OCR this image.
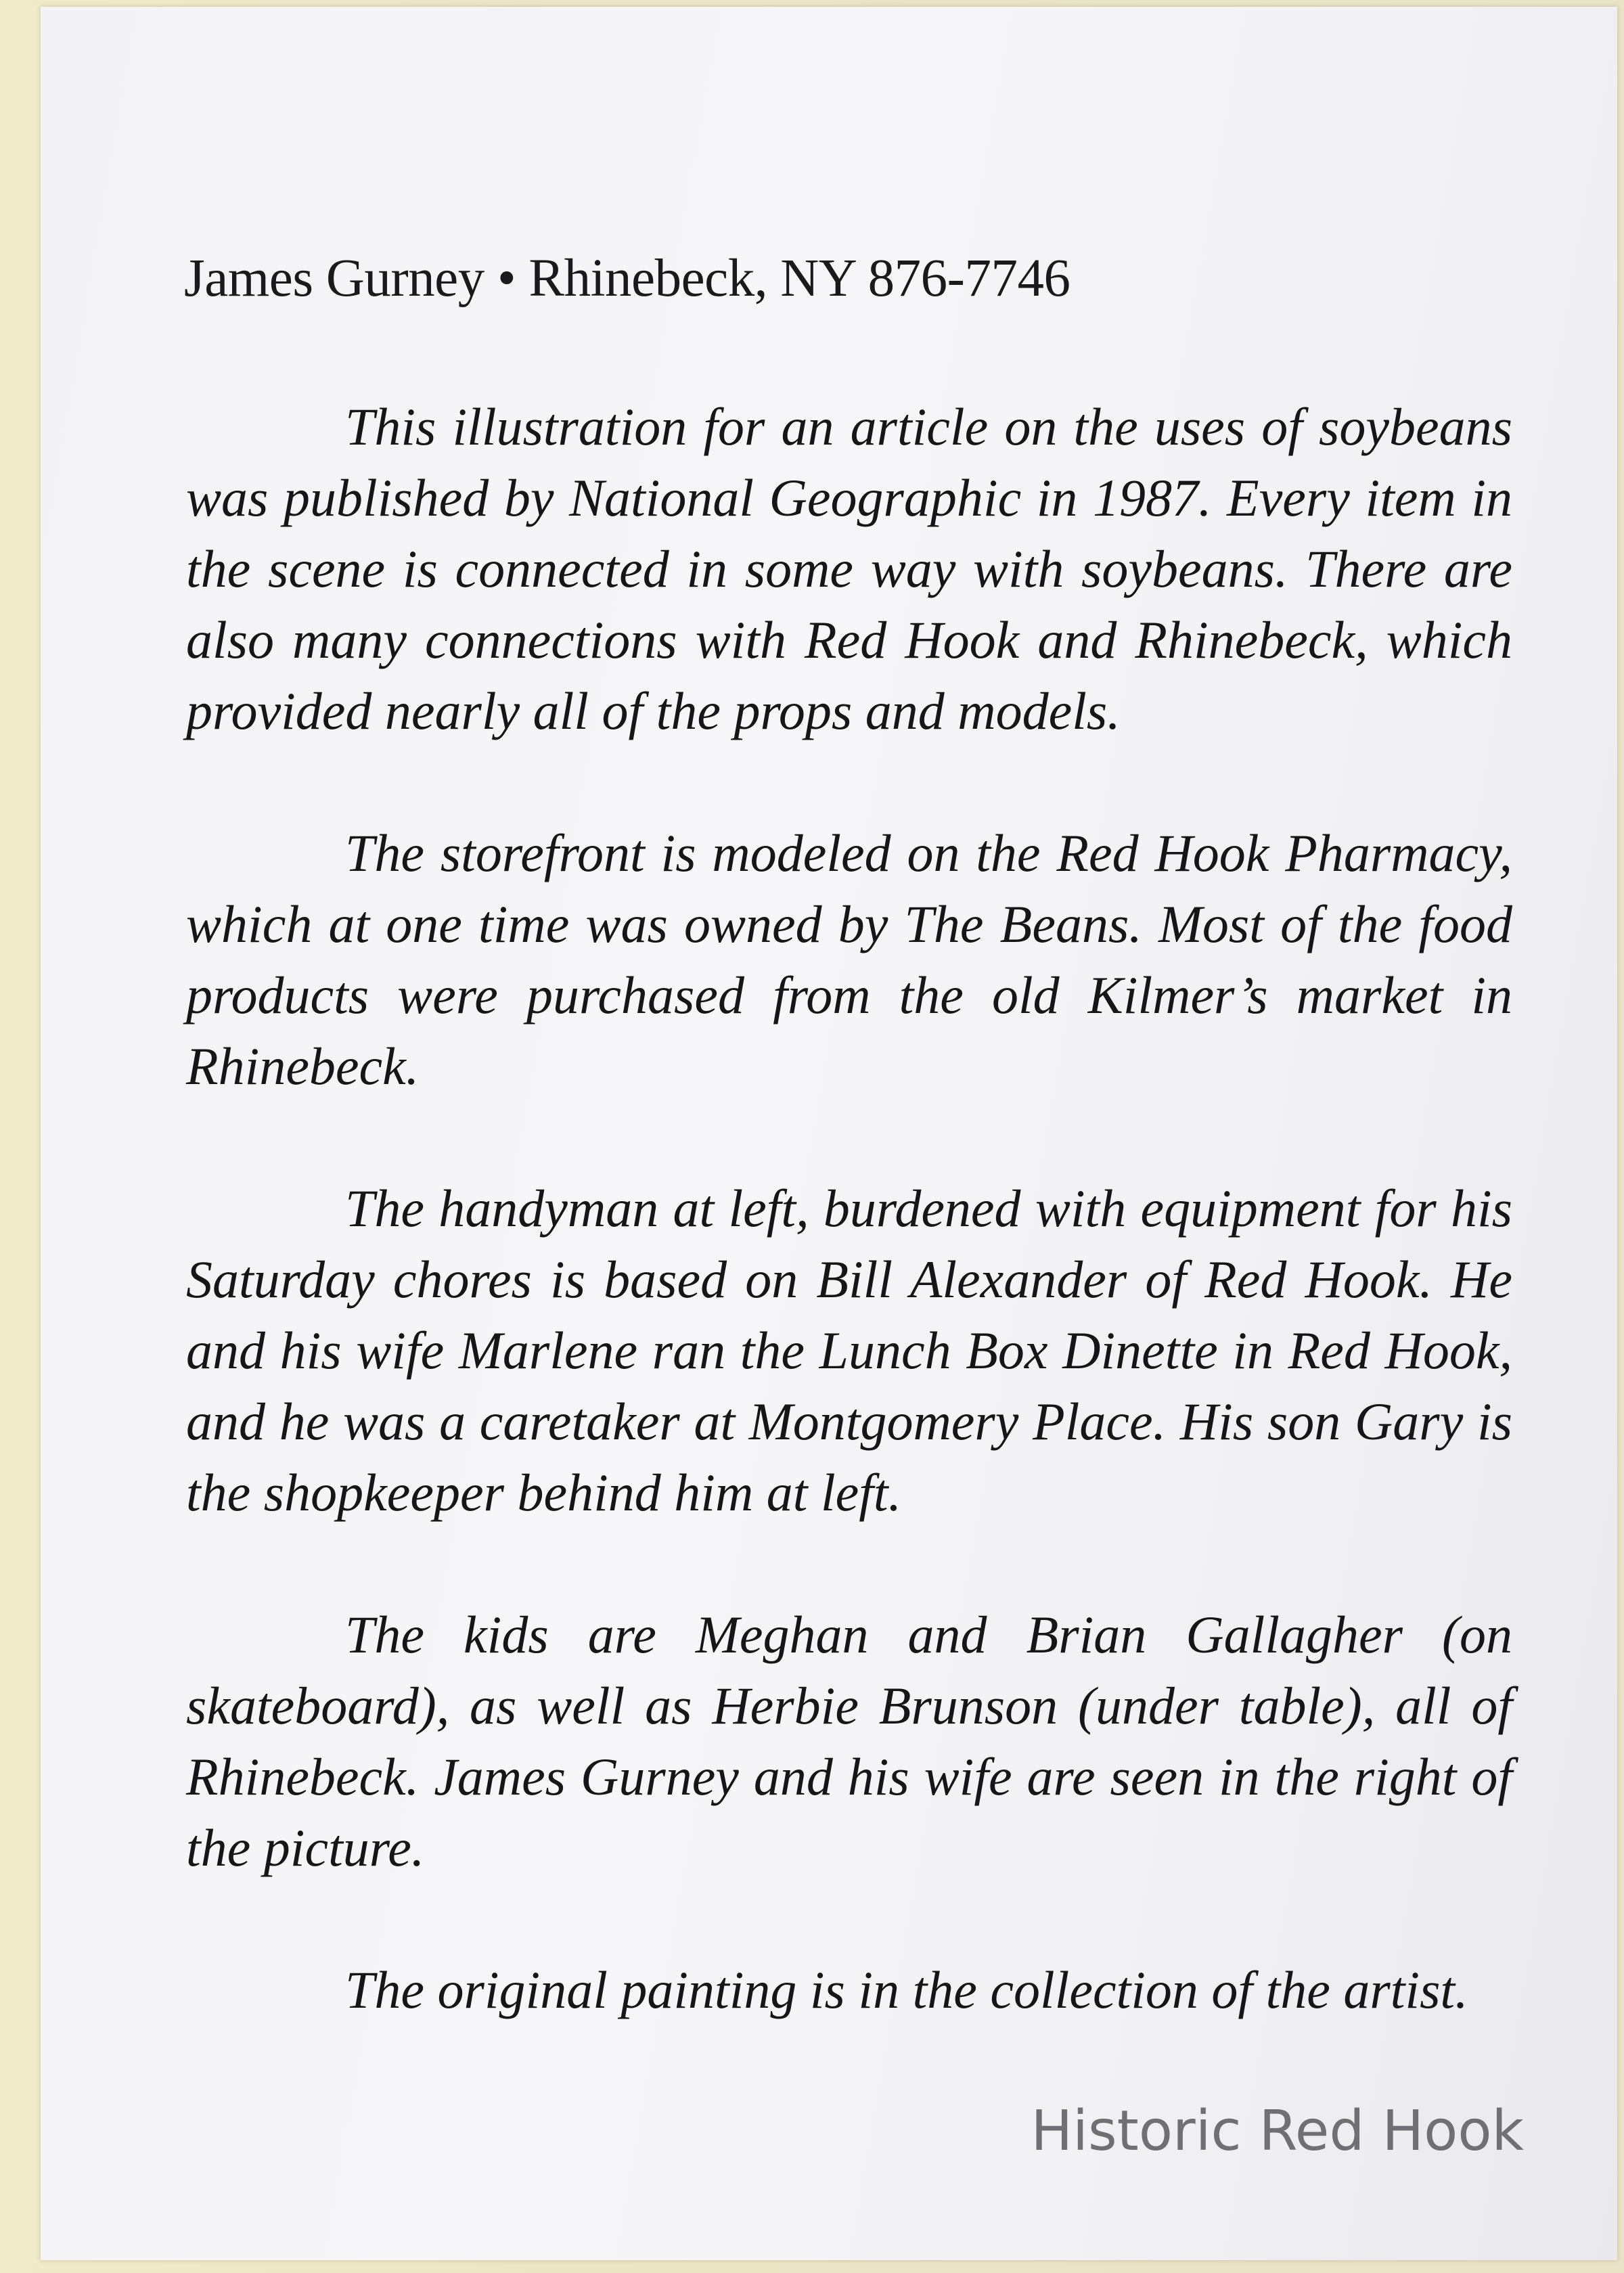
James Gurney • Rhinebeck, NY 876-7746

This illustration for an article on the uses of soybeans was published by National Geographic in 1987. Every item in the scene is connected in some way with soybeans. There are also many connections with Red Hook and Rhinebeck, which provided nearly all of the props and models.

The storefront is modeled on the Red Hook Pharmacy, which at one time was owned by The Beans. Most of the food products were purchased from the old Kilmer’s market in Rhinebeck.

The handyman at left, burdened with equipment for his Saturday chores is based on Bill Alexander of Red Hook. He and his wife Marlene ran the Lunch Box Dinette in Red Hook, and he was a caretaker at Montgomery Place. His son Gary is the shopkeeper behind him at left.

The kids are Meghan and Brian Gallagher (on skateboard), as well as Herbie Brunson (under table), all of Rhinebeck. James Gurney and his wife are seen in the right of the picture.

The original painting is in the collection of the artist.

Historic Red Hook
